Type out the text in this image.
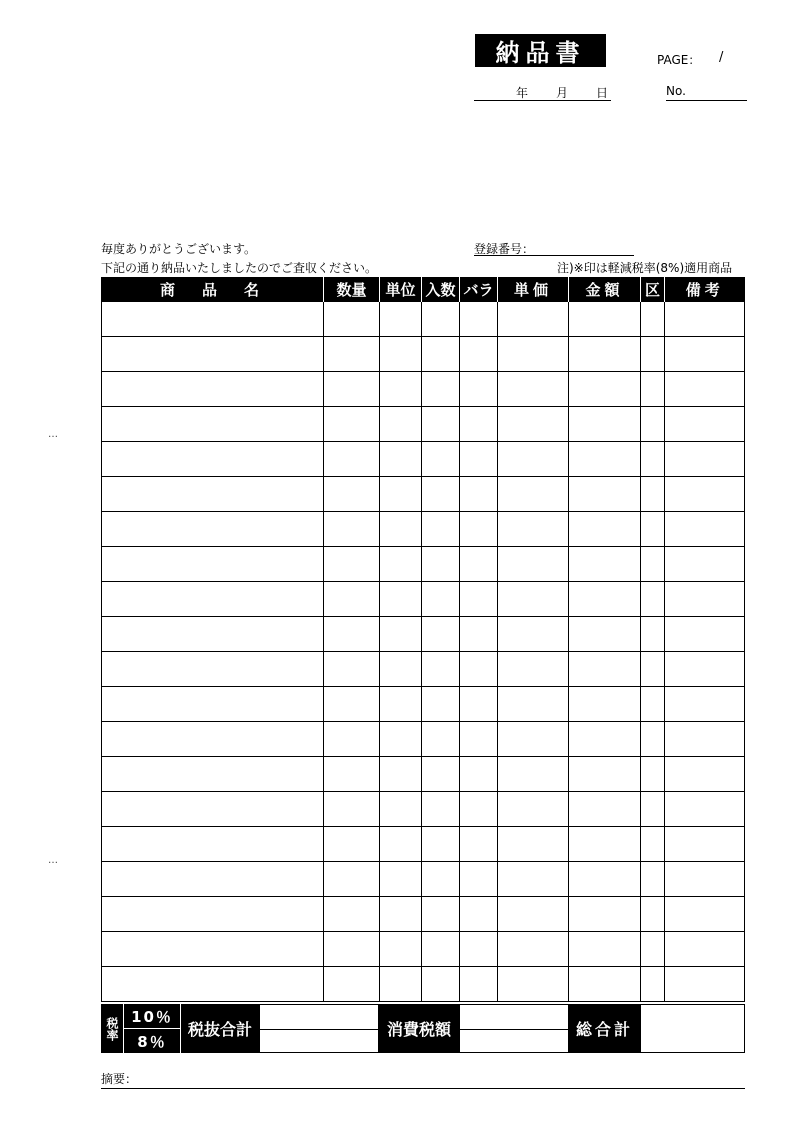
納品書	PAGE： /
年 月 日	No.
毎度ありがとうございます。	登録番号：
下記の通り納品いたしましたのでご査収ください。	注)※印は軽減税率(8%)適用商品
…
…
商　品　名	数量	単位	入数	バラ	単価	金額	区	備考

税率 10％
8％
税抜合計	消費税額	総合計
摘要：
